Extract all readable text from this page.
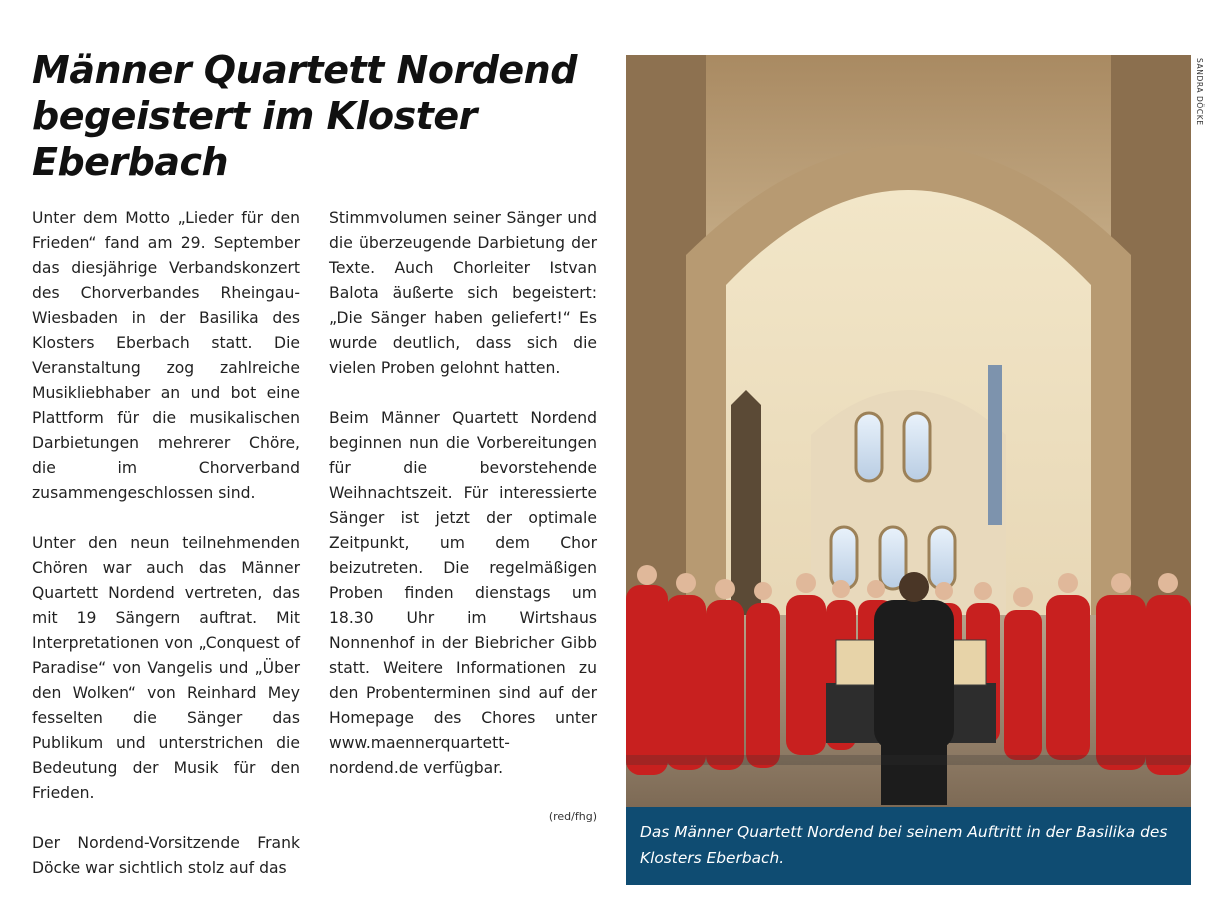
Männer Quartett Nordend begeistert im Kloster Eberbach

Unter dem Motto „Lieder für den Frieden“ fand am 29. September das diesjährige Verbandskonzert des Chorverbandes Rheingau-Wiesbaden in der Basilika des Klosters Eberbach statt. Die Veranstaltung zog zahlreiche Musikliebhaber an und bot eine Plattform für die musikalischen Darbietungen mehrerer Chöre, die im Chorverband zusammengeschlossen sind.

Unter den neun teilnehmenden Chören war auch das Männer Quartett Nordend vertreten, das mit 19 Sängern auftrat. Mit Interpretationen von „Conquest of Paradise“ von Vangelis und „Über den Wolken“ von Reinhard Mey fesselten die Sänger das Publikum und unterstrichen die Bedeutung der Musik für den Frieden.

Der Nordend-Vorsitzende Frank Döcke war sichtlich stolz auf das

Stimmvolumen seiner Sänger und die überzeugende Darbietung der Texte. Auch Chorleiter Istvan Balota äußerte sich begeistert: „Die Sänger haben geliefert!“ Es wurde deutlich, dass sich die vielen Proben gelohnt hatten.

Beim Männer Quartett Nordend beginnen nun die Vorbereitungen für die bevorstehende Weihnachtszeit. Für interessierte Sänger ist jetzt der optimale Zeitpunkt, um dem Chor beizutreten. Die regelmäßigen Proben finden dienstags um 18.30 Uhr im Wirtshaus Nonnenhof in der Biebricher Gibb statt. Weitere Informationen zu den Probenterminen sind auf der Homepage des Chores unter www.maennerquartett-nordend.de verfügbar.

(red/fhg)
SANDRA DÖCKE
Das Männer Quartett Nordend bei seinem Auftritt in der Basilika des Klosters Eberbach.
